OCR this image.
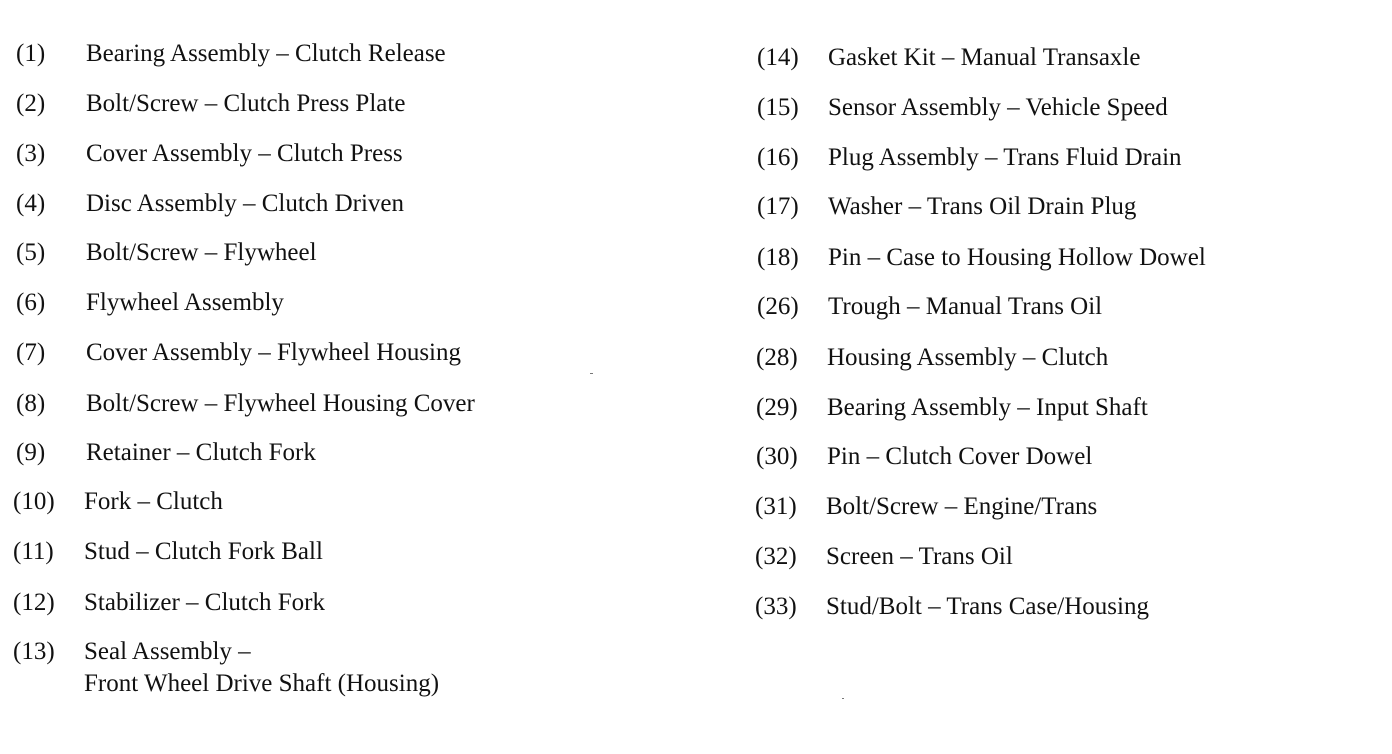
(1) Bearing Assembly – Clutch Release
(2) Bolt/Screw – Clutch Press Plate
(3) Cover Assembly – Clutch Press
(4) Disc Assembly – Clutch Driven
(5) Bolt/Screw – Flywheel
(6) Flywheel Assembly
(7) Cover Assembly – Flywheel Housing
(8) Bolt/Screw – Flywheel Housing Cover
(9) Retainer – Clutch Fork
(10) Fork – Clutch
(11) Stud – Clutch Fork Ball
(12) Stabilizer – Clutch Fork
(13) Seal Assembly –
Front Wheel Drive Shaft (Housing)
(14) Gasket Kit – Manual Transaxle
(15) Sensor Assembly – Vehicle Speed
(16) Plug Assembly – Trans Fluid Drain
(17) Washer – Trans Oil Drain Plug
(18) Pin – Case to Housing Hollow Dowel
(26) Trough – Manual Trans Oil
(28) Housing Assembly – Clutch
(29) Bearing Assembly – Input Shaft
(30) Pin – Clutch Cover Dowel
(31) Bolt/Screw – Engine/Trans
(32) Screen – Trans Oil
(33) Stud/Bolt – Trans Case/Housing
